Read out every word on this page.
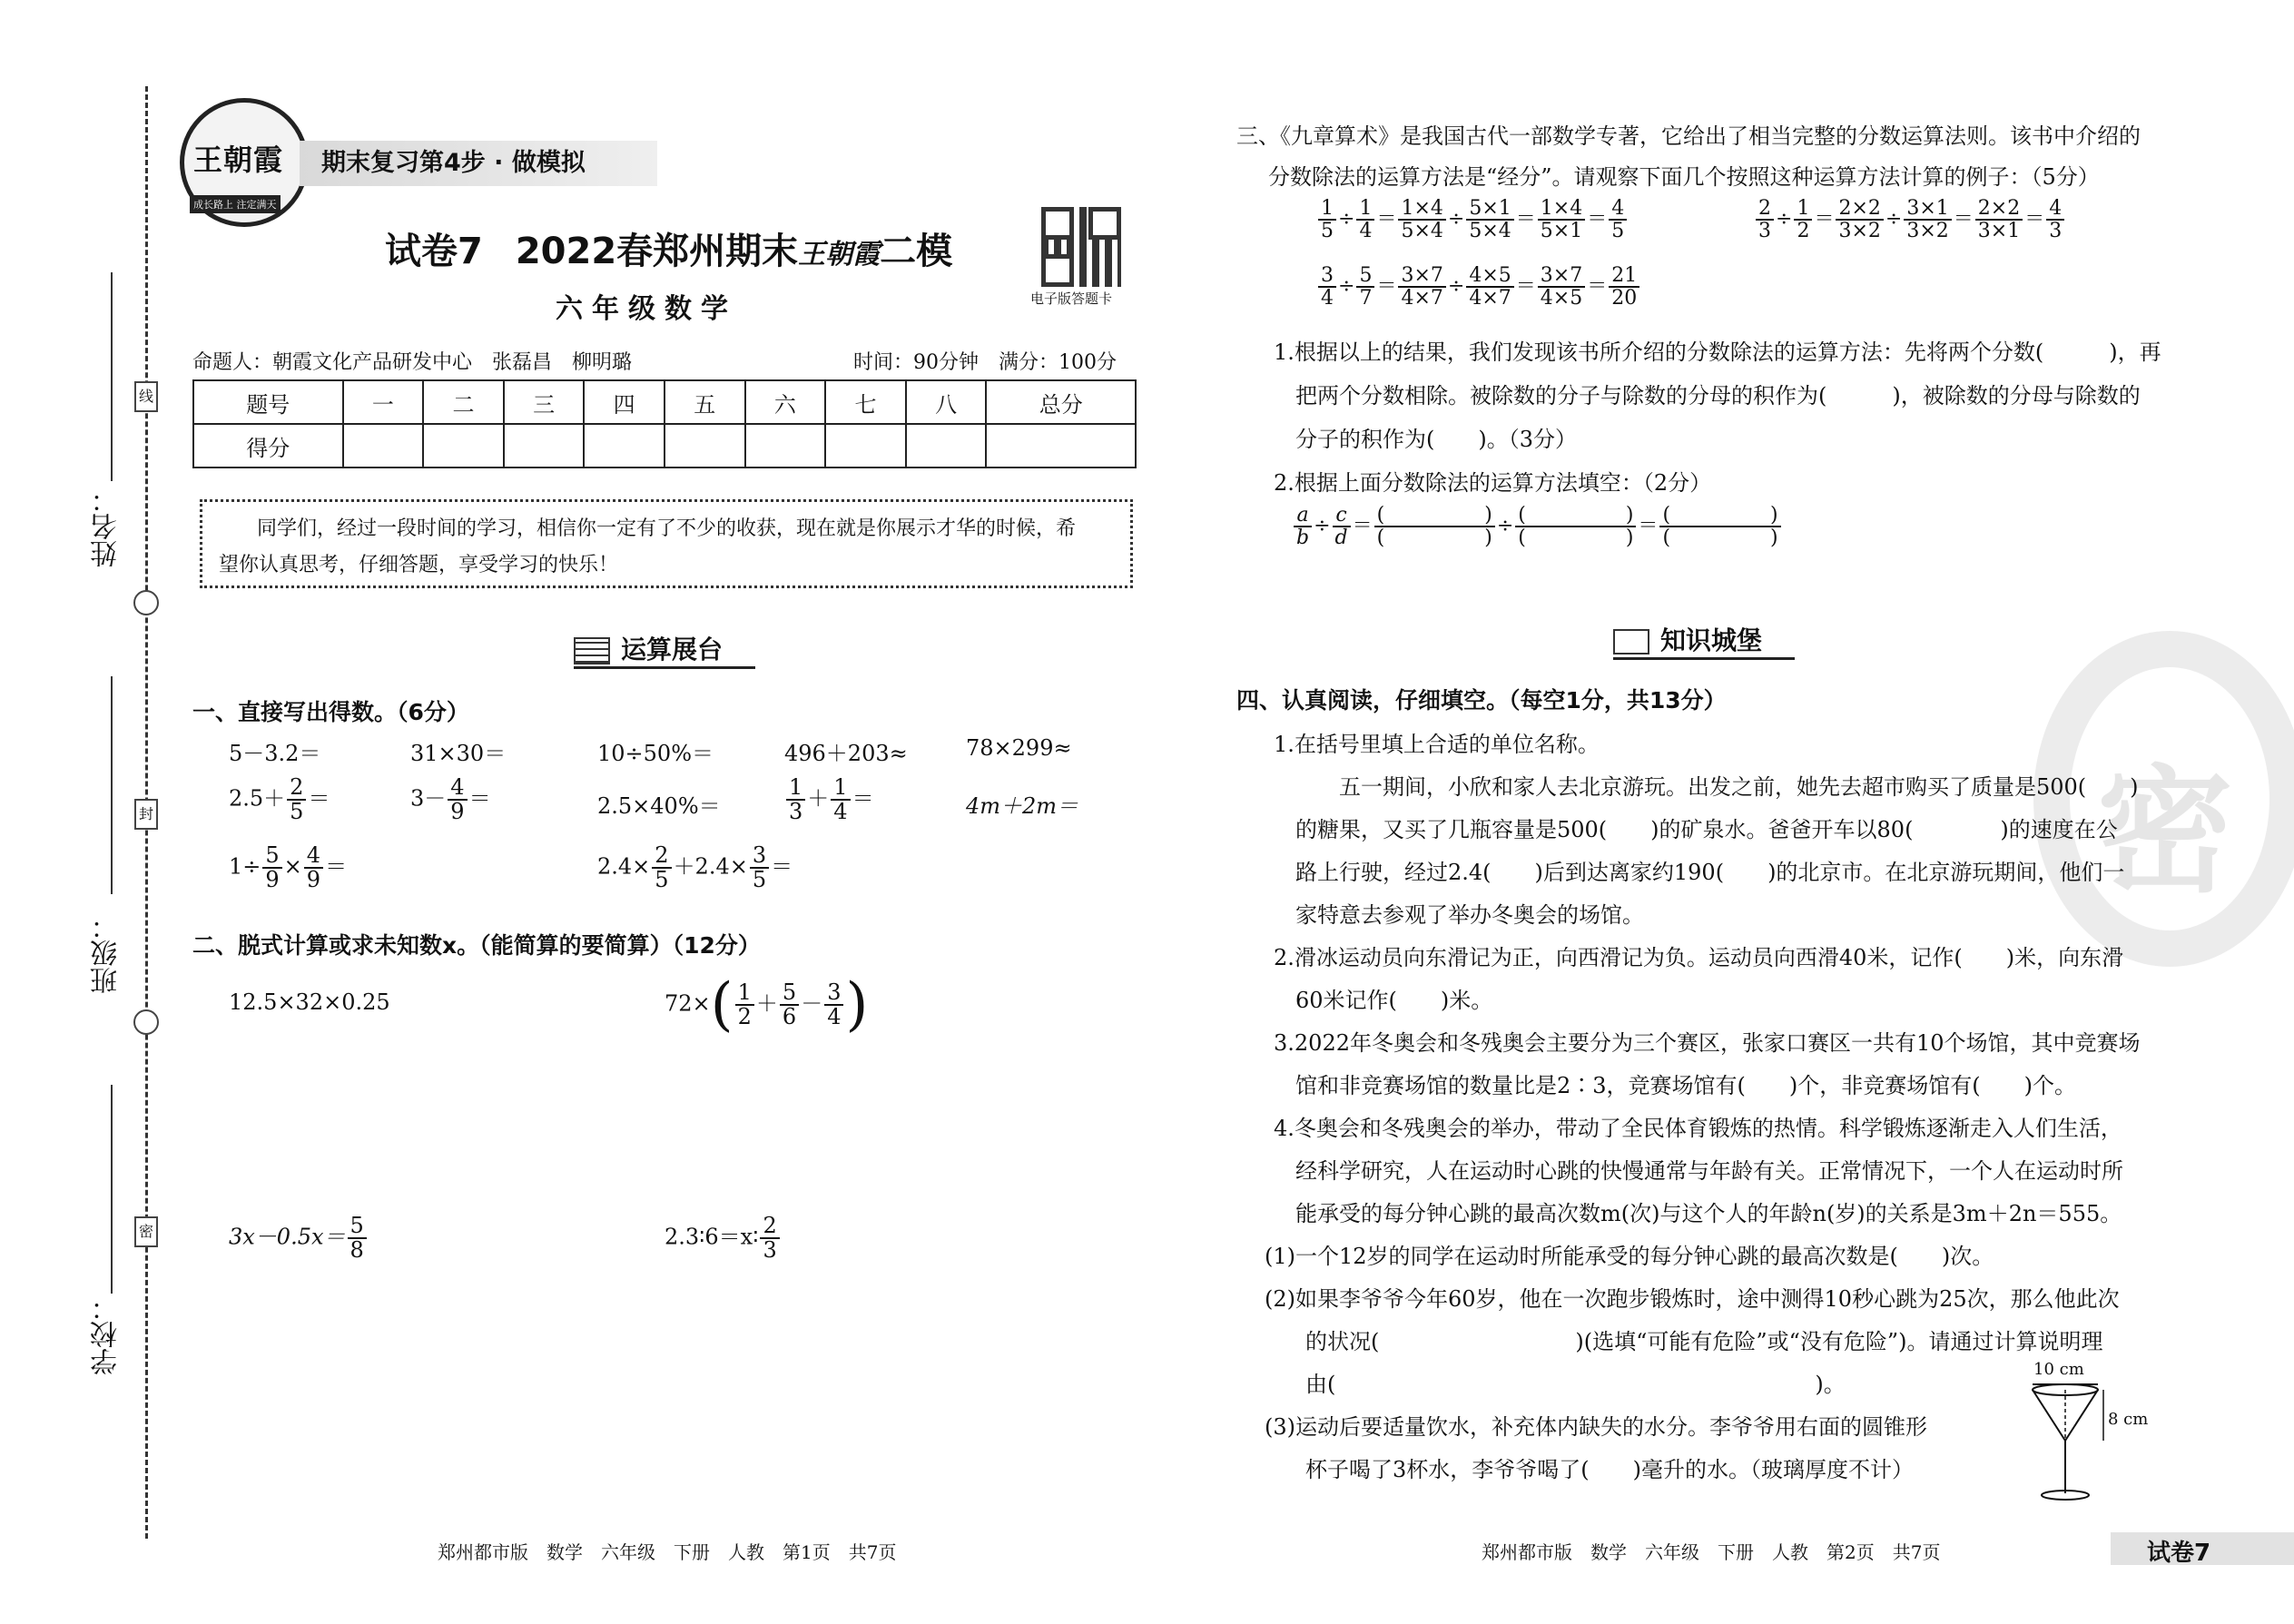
线
封
密
姓名：
班级：
学校：
王朝霞
成长路上 注定满天
期末复习第4步 · 做模拟
试卷7 2022春郑州期末王朝霞二模
六年级数学	电子版答题卡
命题人：朝霞文化产品研发中心　张磊昌　柳明璐	时间：90分钟　满分：100分
题号	一	二	三	四	五	六	七	八	总分
得分									
同学们，经过一段时间的学习，相信你一定有了不少的收获，现在就是你展示才华的时候，希
望你认真思考，仔细答题，享受学习的快乐！
运算展台
一、直接写出得数。（6分）
5－3.2＝	31×30＝	10÷50%＝	496＋203≈	78×299≈
$2.5+ \frac{2}{5}$ ＝	$3- \frac{4}{9}$ ＝	2.5×40%＝	$\frac{1}{3} + \frac{1}{4}$ ＝	4m＋2m＝
$1\div \frac{5}{9} \times \frac{4}{9}$ ＝	$2.4\times \frac{2}{5} +2.4\times \frac{3}{5}$ ＝
二、脱式计算或求未知数x。（能简算的要简算）（12分）
12.5×32×0.25	$72\times( \frac{1}{2} + \frac{5}{6} - \frac{3}{4}$ )
$3x-0.5x= \frac{5}{8}$	2.3∶6＝x∶ $\frac{2}{3}$
郑州都市版　数学　六年级　下册　人教　第1页　共7页
三、《九章算术》是我国古代一部数学专著，它给出了相当完整的分数运算法则。该书中介绍的
分数除法的运算方法是“经分”。请观察下面几个按照这种运算方法计算的例子：（5分）
$\frac{1}{5} \div \frac{1}{4} = \frac{1\times 4}{5\times 4} \div \frac{5\times 1}{5\times 4} = \frac{1\times 4}{5\times 1} = \frac{4}{5}$	$\frac{2}{3} \div \frac{1}{2} = \frac{2\times 2}{3\times 2} \div \frac{3\times 1}{3\times 2} = \frac{2\times 2}{3\times 1} = \frac{4}{3}$
$\frac{3}{4} \div \frac{5}{7} = \frac{3\times 7}{4\times 7} \div \frac{4\times 5}{4\times 7} = \frac{3\times 7}{4\times 5} = \frac{21}{20}$
1.根据以上的结果，我们发现该书所介绍的分数除法的运算方法：先将两个分数(　　　)，再
把两个分数相除。被除数的分子与除数的分母的积作为(　　　)，被除数的分母与除数的
分子的积作为(　　)。（3分）
2.根据上面分数除法的运算方法填空：（2分）
$\frac{a}{b} \div \frac{c}{d} = \frac{( )}{( )} \div \frac{( )}{( )} = \frac{( )}{( )}$
知识城堡
密
四、认真阅读，仔细填空。（每空1分，共13分）
1.在括号里填上合适的单位名称。
五一期间，小欣和家人去北京游玩。出发之前，她先去超市购买了质量是500(　　)
的糖果，又买了几瓶容量是500(　　)的矿泉水。爸爸开车以80(　　　　)的速度在公
路上行驶，经过2.4(　　)后到达离家约190(　　)的北京市。在北京游玩期间，他们一
家特意去参观了举办冬奥会的场馆。
2.滑冰运动员向东滑记为正，向西滑记为负。运动员向西滑40米，记作(　　)米，向东滑
60米记作(　　)米。
3.2022年冬奥会和冬残奥会主要分为三个赛区，张家口赛区一共有10个场馆，其中竞赛场
馆和非竞赛场馆的数量比是2∶3，竞赛场馆有(　　)个，非竞赛场馆有(　　)个。
4.冬奥会和冬残奥会的举办，带动了全民体育锻炼的热情。科学锻炼逐渐走入人们生活，
经科学研究，人在运动时心跳的快慢通常与年龄有关。正常情况下，一个人在运动时所
能承受的每分钟心跳的最高次数m(次)与这个人的年龄n(岁)的关系是3m＋2n＝555。
(1)一个12岁的同学在运动时所能承受的每分钟心跳的最高次数是(　　)次。
(2)如果李爷爷今年60岁，他在一次跑步锻炼时，途中测得10秒心跳为25次，那么他此次
的状况(　　　　　　　　　)(选填“可能有危险”或“没有危险”)。请通过计算说明理
由(　　　　　　　　　　　　　　　　　　　　　　)。
(3)运动后要适量饮水，补充体内缺失的水分。李爷爷用右面的圆锥形
杯子喝了3杯水，李爷爷喝了(　　)毫升的水。（玻璃厚度不计）
10 cm
8 cm
郑州都市版　数学　六年级　下册　人教　第2页　共7页	试卷7
